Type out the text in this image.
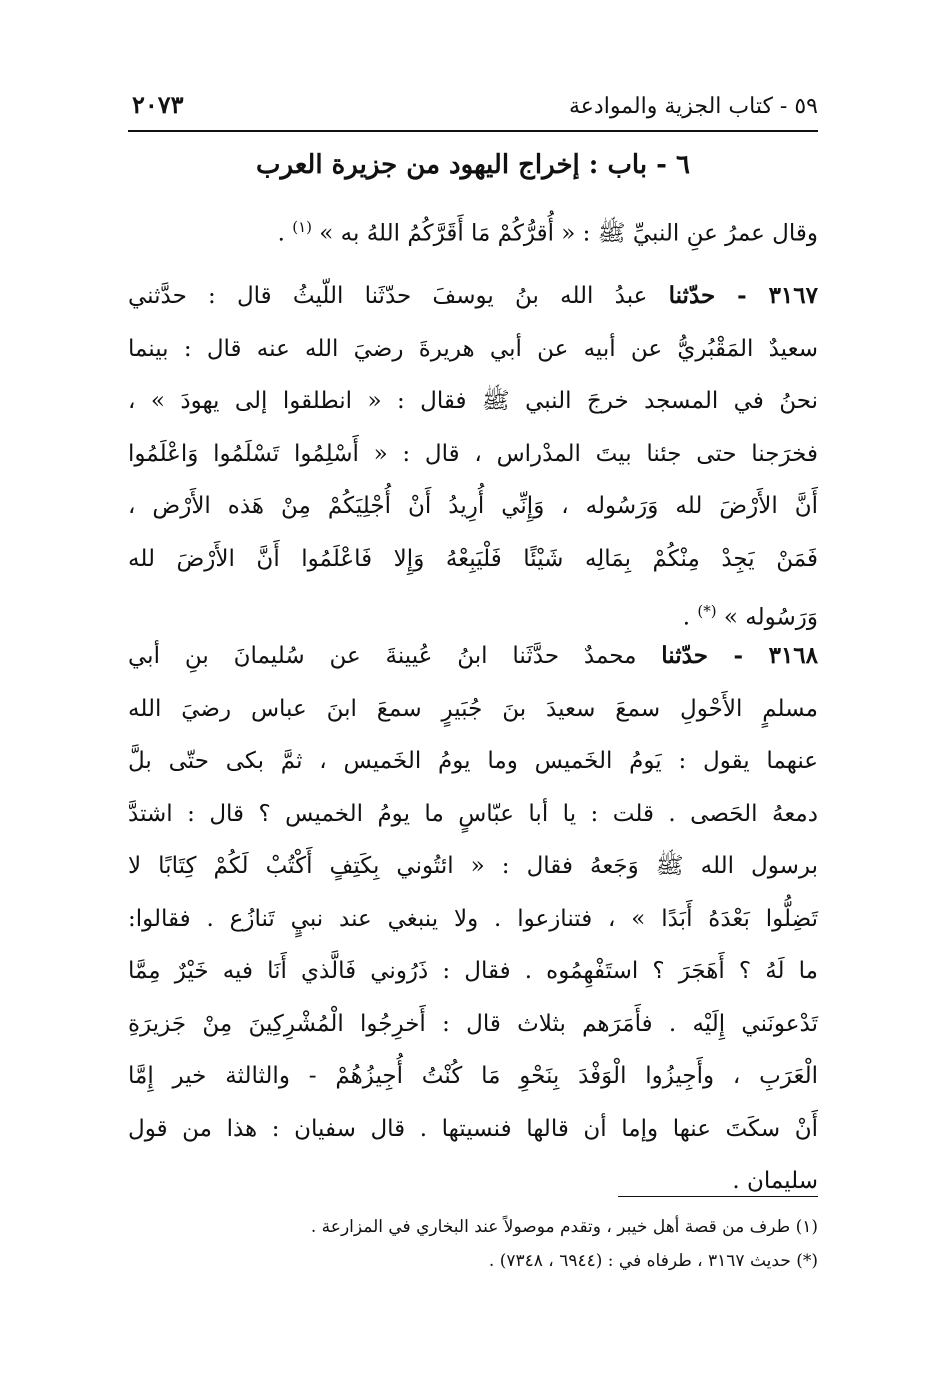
٥٩ - كتاب الجزية والموادعة
٢٠٧٣
٦ - باب : إخراج اليهود من جزيرة العرب
وقال عمرُ عنِ النبيِّ ﷺ : « أُقرُّكُمْ مَا أَقَرَّكُمُ اللهُ به » $^{(١)}$ .
٣١٦٧ - حدّثنا عبدُ الله بنُ يوسفَ حدّثَنا اللّيثُ قال : حدَّثني
سعيدٌ المَقْبُريُّ عن أبيه عن أبي هريرةَ رضيَ الله عنه قال : بينما
نحنُ في المسجد خرجَ النبي ﷺ فقال : « انطلقوا إلى يهودَ » ،
فخرَجنا حتى جئنا بيتَ المدْراس ، قال : « أَسْلِمُوا تَسْلَمُوا وَاعْلَمُوا
أَنَّ الأَرْضَ لله وَرَسُوله ، وَإِنِّي أُرِيدُ أَنْ أُجْلِيَكُمْ مِنْ هَذه الأَرْض ،
فَمَنْ يَجِدْ مِنْكُمْ بِمَالِه شَيْئًا فَلْيَبِعْهُ وَإِلا فَاعْلَمُوا أَنَّ الأَرْضَ لله
وَرَسُوله » (*) .
٣١٦٨ - حدّثنا محمدٌ حدَّثَنا ابنُ عُيينةَ عن سُليمانَ بنِ أبي
مسلمٍ الأَحْولِ سمعَ سعيدَ بنَ جُبَيرٍ سمعَ ابنَ عباس رضيَ الله
عنهما يقول : يَومُ الخَميس وما يومُ الخَميس ، ثمَّ بكى حتّى بلَّ
دمعهُ الحَصى . قلت : يا أبا عبّاسٍ ما يومُ الخميس ؟ قال : اشتدَّ
برسول الله ﷺ وَجَعهُ فقال : « ائتُوني بِكَتِفٍ أَكْتُبْ لَكُمْ كِتَابًا لا
تَضِلُّوا بَعْدَهُ أَبَدًا » ، فتنازعوا . ولا ينبغي عند نبيٍ تَنازُع . فقالوا:
ما لَهُ ؟ أَهَجَرَ ؟ استَفْهِمُوه . فقال : ذَرُوني فَالَّذي أَنَا فيه خَيْرٌ مِمَّا
تَدْعونَني إِلَيْه . فأَمَرَهم بثلاث قال : أَخرِجُوا الْمُشْرِكِينَ مِنْ جَزيرَةِ
الْعَرَبِ ، وأَجِيزُوا الْوَفْدَ بِنَحْوِ مَا كُنْتُ أُجِيزُهُمْ - والثالثة خير إِمَّا
أَنْ سكَتَ عنها وإما أن قالها فنسيتها . قال سفيان : هذا من قول
سليمان .
(١) طرف من قصة أهل خيبر ، وتقدم موصولاً عند البخاري في المزارعة .
(*) حديث ٣١٦٧ ، طرفاه في : (٦٩٤٤ ، ٧٣٤٨) .
